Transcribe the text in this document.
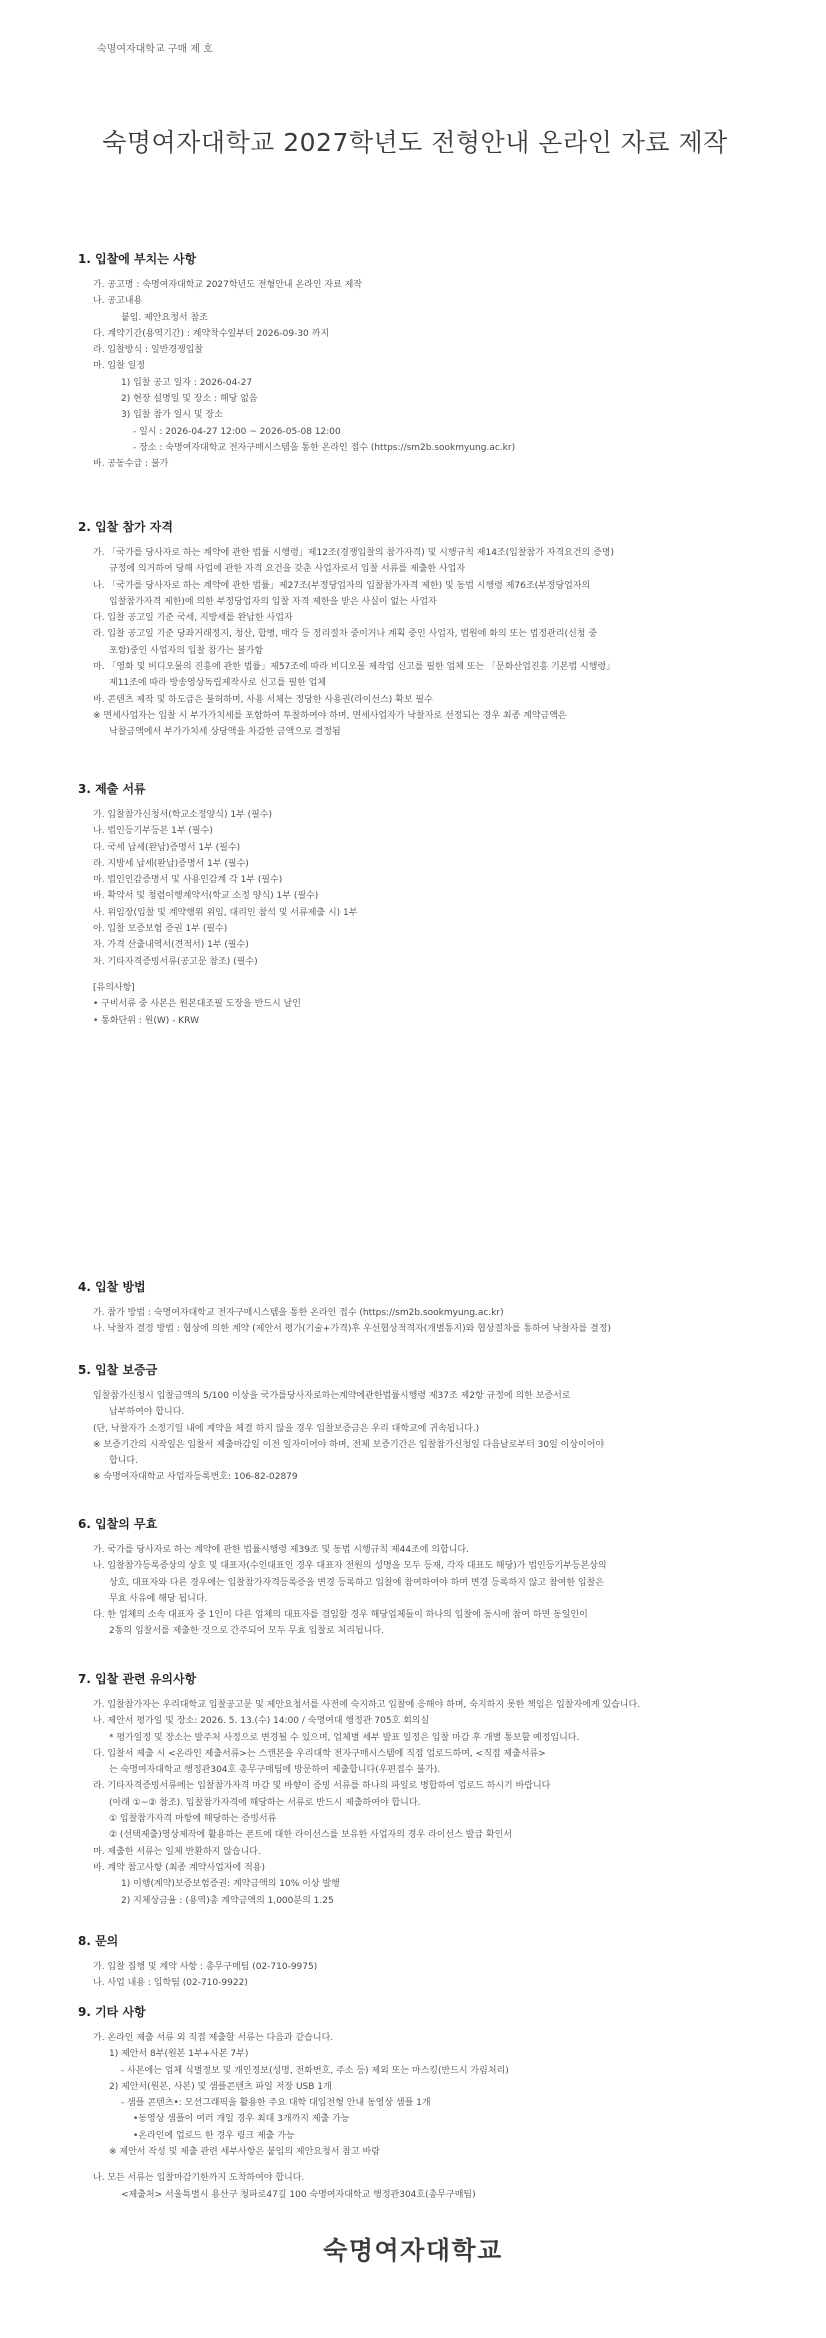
숙명여자대학교 구매 제 호
숙명여자대학교 2027학년도 전형안내 온라인 자료 제작
1. 입찰에 부치는 사항
가. 공고명 : 숙명여자대학교 2027학년도 전형안내 온라인 자료 제작
나. 공고내용
붙임. 제안요청서 참조
다. 계약기간(용역기간) : 계약착수일부터 2026-09-30 까지
라. 입찰방식 : 일반경쟁입찰
마. 입찰 일정
1) 입찰 공고 일자 : 2026-04-27
2) 현장 설명일 및 장소 : 해당 없음
3) 입찰 참가 일시 및 장소
- 일시 : 2026-04-27 12:00 ~ 2026-05-08 12:00
- 장소 : 숙명여자대학교 전자구매시스템을 통한 온라인 접수 (https://sm2b.sookmyung.ac.kr)
바. 공동수급 : 불가
2. 입찰 참가 자격
가. 「국가를 당사자로 하는 계약에 관한 법률 시행령」제12조(경쟁입찰의 참가자격) 및 시행규칙 제14조(입찰참가 자격요건의 증명)
규정에 의거하여 당해 사업에 관한 자격 요건을 갖춘 사업자로서 입찰 서류를 제출한 사업자
나. 「국가를 당사자로 하는 계약에 관한 법률」제27조(부정당업자의 입찰참가자격 제한) 및 동법 시행령 제76조(부정당업자의
입찰참가자격 제한)에 의한 부정당업자의 입찰 자격 제한을 받은 사실이 없는 사업자
다. 입찰 공고일 기준 국세, 지방세를 완납한 사업자
라. 입찰 공고일 기준 당좌거래정지, 청산, 합병, 매각 등 정리절차 중이거나 계획 중인 사업자, 법원에 화의 또는 법정관리(신청 중
포함)중인 사업자의 입찰 참가는 불가함
마. 「영화 및 비디오물의 진흥에 관한 법률」제57조에 따라 비디오물 제작업 신고를 필한 업체 또는 「문화산업진흥 기본법 시행령」
제11조에 따라 방송영상독립제작사로 신고를 필한 업체
바. 콘텐츠 제작 및 하도급은 불허하며, 사용 서체는 정당한 사용권(라이선스) 확보 필수
※ 면세사업자는 입찰 시 부가가치세를 포함하여 투찰하여야 하며, 면세사업자가 낙찰자로 선정되는 경우 최종 계약금액은
낙찰금액에서 부가가치세 상당액을 차감한 금액으로 결정됨
3. 제출 서류
가. 입찰참가신청서(학교소정양식) 1부 (필수)
나. 법인등기부등본 1부 (필수)
다. 국세 납세(완납)증명서 1부 (필수)
라. 지방세 납세(완납)증명서 1부 (필수)
마. 법인인감증명서 및 사용인감계 각 1부 (필수)
바. 확약서 및 청렴이행계약서(학교 소정 양식) 1부 (필수)
사. 위임장(입찰 및 계약행위 위임, 대리인 참석 및 서류제출 시) 1부
아. 입찰 보증보험 증권 1부 (필수)
자. 가격 산출내역서(견적서) 1부 (필수)
차. 기타자격증빙서류(공고문 참조) (필수)
[유의사항]
• 구비서류 중 사본은 원본대조필 도장을 반드시 날인
• 통화단위 : 원(W) - KRW
4. 입찰 방법
가. 참가 방법 : 숙명여자대학교 전자구매시스템을 통한 온라인 접수 (https://sm2b.sookmyung.ac.kr)
나. 낙찰자 결정 방법 : 협상에 의한 계약 (제안서 평가(기술+가격)후 우선협상적격자(개별통지)와 협상절차를 통하여 낙찰자를 결정)
5. 입찰 보증금
입찰참가신청시 입찰금액의 5/100 이상을 국가를당사자로하는계약에관한법률시행령 제37조 제2항 규정에 의한 보증서로
납부하여야 합니다.
(단, 낙찰자가 소정기일 내에 계약을 체결 하지 않을 경우 입찰보증금은 우리 대학교에 귀속됩니다.)
※ 보증기간의 시작일은 입찰서 제출마감일 이전 일자이어야 하며, 전체 보증기간은 입찰참가신청일 다음날로부터 30일 이상이어야
합니다.
※ 숙명여자대학교 사업자등록번호: 106-82-02879
6. 입찰의 무효
가. 국가를 당사자로 하는 계약에 관한 법률시행령 제39조 및 동법 시행규칙 제44조에 의합니다.
나. 입찰참가등록증상의 상호 및 대표자(수인대표인 경우 대표자 전원의 성명을 모두 등재, 각자 대표도 해당)가 법인등기부등본상의
상호, 대표자와 다른 경우에는 입찰참가자격등록증을 변경 등록하고 입찰에 참여하여야 하며 변경 등록하지 않고 참여한 입찰은
무효 사유에 해당 됩니다.
다. 한 업체의 소속 대표자 중 1인이 다른 업체의 대표자를 겸임할 경우 해당업체들이 하나의 입찰에 동시에 참여 하면 동일인이
2통의 입찰서를 제출한 것으로 간주되어 모두 무효 입찰로 처리됩니다.
7. 입찰 관련 유의사항
가. 입찰참가자는 우리대학교 입찰공고문 및 제안요청서를 사전에 숙지하고 입찰에 응해야 하며, 숙지하지 못한 책임은 입찰자에게 있습니다.
나. 제안서 평가일 및 장소: 2026. 5. 13.(수) 14:00 / 숙명여대 행정관 705호 회의실
* 평가일정 및 장소는 발주처 사정으로 변경될 수 있으며, 업체별 세부 발표 일정은 입찰 마감 후 개별 통보할 예정입니다.
다. 입찰서 제출 시 <온라인 제출서류>는 스캔본을 우리대학 전자구매시스템에 직접 업로드하며, <직접 제출서류>
는 숙명여자대학교 행정관304호 총무구매팀에 방문하여 제출합니다(우편접수 불가).
라. 기타자격증빙서류에는 입찰참가자격 마감 및 바향이 증빙 서류를 하나의 파일로 병합하여 업로드 하시기 바랍니다
(아래 ①~② 참조). 입찰참가자격에 해당하는 서류로 반드시 제출하여야 합니다.
① 입찰참가자격 마항에 해당하는 증빙서류
② (선택제출)영상제작에 활용하는 폰트에 대한 라이선스를 보유한 사업자의 경우 라이선스 발급 확인서
마. 제출한 서류는 일체 반환하지 않습니다.
바. 계약 참고사항 (최종 계약사업자에 적용)
1) 이행(계약)보증보험증권: 계약금액의 10% 이상 발행
2) 지체상금율 : (용역)총 계약금액의 1,000분의 1.25
8. 문의
가. 입찰 집행 및 계약 사항 : 총무구매팀 (02-710-9975)
나. 사업 내용 : 입학팀 (02-710-9922)
9. 기타 사항
가. 온라인 제출 서류 외 직접 제출할 서류는 다음과 같습니다.
1) 제안서 8부(원본 1부+사본 7부)
- 사본에는 업체 식별정보 및 개인정보(성명, 전화번호, 주소 등) 제외 또는 마스킹(반드시 가림처리)
2) 제안서(원본, 사본) 및 샘플콘텐츠 파일 저장 USB 1개
- 샘플 콘텐츠•: 모션그래픽을 활용한 주요 대학 대입전형 안내 동영상 샘플 1개
•동영상 샘플이 여러 개일 경우 최대 3개까지 제출 가능
•온라인에 업로드 한 경우 링크 제출 가능
※ 제안서 작성 및 제출 관련 세부사항은 붙임의 제안요청서 참고 바람
나. 모든 서류는 입찰마감기한까지 도착하여야 합니다.
<제출처> 서울특별시 용산구 청파로47길 100 숙명여자대학교 행정관304호(총무구매팀)
숙명여자대학교
